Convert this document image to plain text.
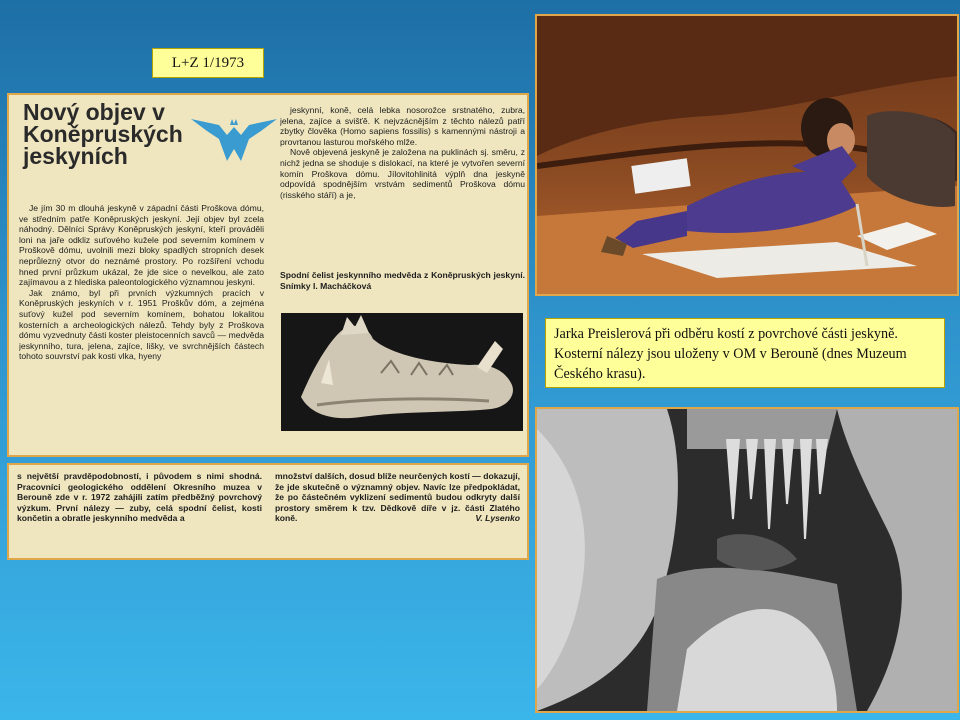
L+Z 1/1973
Nový objev v Koněpruských jeskyních

Je jím 30 m dlouhá jeskyně v západní části Proškova dómu, ve středním patře Koněpruských jeskyní. Její objev byl zcela náhodný. Dělníci Správy Koněpruských jeskyní, kteří prováděli loni na jaře odkliz suťového kužele pod severním komínem v Proškově dómu, uvolnili mezi bloky spadlých stropních desek neprůlezný otvor do neznámé prostory. Po rozšíření vchodu hned první průzkum ukázal, že jde sice o nevelkou, ale zato zajímavou a z hlediska paleontologického významnou jeskyni.

Jak známo, byl při prvních výzkumných pracích v Koněpruských jeskyních v r. 1951 Proškův dóm, a zejména suťový kužel pod severním komínem, bohatou lokalitou kosterních a archeologických nálezů. Tehdy byly z Proškova dómu vyzvednuty části koster pleistocenních savců — medvěda jeskynního, tura, jelena, zajíce, lišky, ve svrchnějších částech tohoto souvrství pak kosti vlka, hyeny

jeskynní, koně, celá lebka nosorožce srstnatého, zubra, jelena, zajíce a svišťě. K nejvzácnějším z těchto nálezů patří zbytky člověka (Homo sapiens fossilis) s kamennými nástroji a provrtanou lasturou mořského mlže.

Nově objevená jeskyně je založena na puklinách sj. směru, z nichž jedna se shoduje s dislokací, na které je vytvořen severní komín Proškova dómu. Jílovitohlinitá výplň dna jeskyně odpovídá spodnějším vrstvám sedimentů Proškova dómu (risského stáří) a je,

Spodní čelist jeskynního medvěda z Koněpruských jeskyní. Snímky I. Macháčková
s největší pravděpodobností, i původem s nimi shodná. Pracovníci geologického oddělení Okresního muzea v Berouně zde v r. 1972 zahájili zatím předběžný povrchový výzkum. První nálezy — zuby, celá spodní čelist, kosti končetin a obratle jeskynního medvěda a
množství dalších, dosud blíže neurčených kostí — dokazují, že jde skutečně o významný objev. Navíc lze předpokládat, že po částečném vyklizení sedimentů budou odkryty další prostory směrem k tzv. Dědkově díře v jz. části Zlatého koně.	V. Lysenko
Jarka Preislerová při odběru kostí z povrchové části jeskyně. Kosterní nálezy jsou uloženy v OM v Berouně (dnes Muzeum Českého krasu).
